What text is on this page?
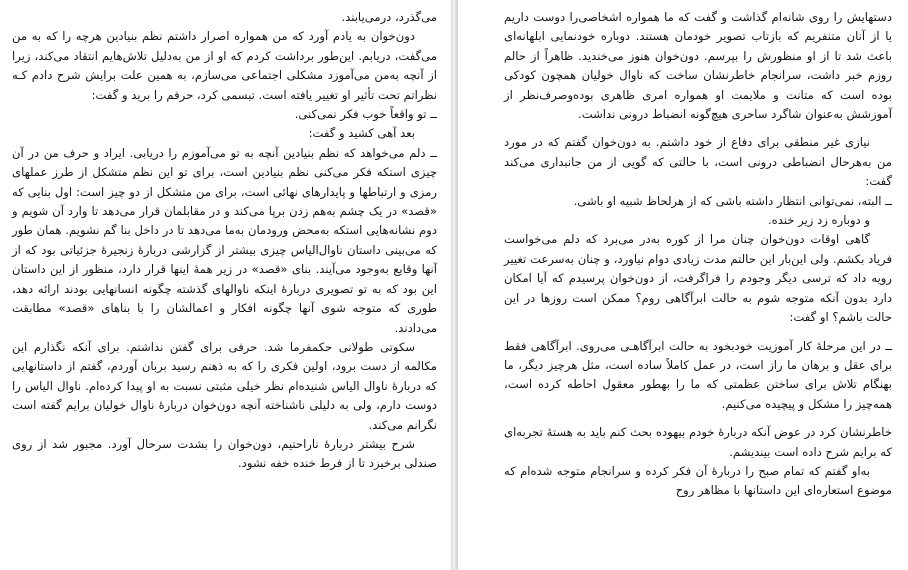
می‌گذرد، درمی‌یابند.

دون‌خوان به یادم آورد که من همواره اصرار داشتم نظم بنیادین هرچه را که به من می‌گفت، دریابم. این‌طور برداشت کردم که او از من به‌دلیل تلاش‌هایم انتقاد می‌کند، زیرا از آنچه به‌من می‌آموزد مشکلی اجتماعی می‌سازم، به همین علت برایش شرح دادم کـه نظراتم تحت تأثیر او تغییر یافته است. تبسمی کرد، حرفم را برید و گفت:

ــ تو واقعاً خوب فکر نمی‌کنی.

بعد آهی کشید و گفت:

ــ دلم می‌خواهد که نظم بنیادین آنچه به تو می‌آموزم را دریابی. ایراد و حرف من در آن چیزی استکه فکر می‌کنی نظم بنیادین است، برای تو این نظم متشکل از طرز عملهای رمزی و ارتباطها و پایدارهای نهائی است، برای من متشکل از دو چیز است: اول بنایی که «قصد» در یک چشم به‌هم زدن برپا می‌کند و در مقابلمان قرار می‌دهد تا وارد آن شویم و دوم نشانه‌هایی استکه به‌محض ورودمان به‌ما می‌دهد تا در داخل بنا گم نشویم. همان طور که می‌بینی داستان ناوال‌الیاس چیزی بیشتر از گزارشی دربارهٔ زنجیرهٔ جزئیاتی بود که از آنها وقایع به‌وجود می‌آیند. بنای «قصد» در زیر همهٔ اینها قرار دارد، منظور از این داستان این بود که به تو تصویری دربارهٔ اینکه ناوالهای گذشته چگونه انسانهایی بودند ارائه دهد، طوری که متوجه شوی آنها چگونه افکار و اعمالشان را با بناهای «قصد» مطابقت می‌دادند.

سکوتی طولانی حکمفرما شد. حرفی برای گفتن نداشتم. برای آنکه نگذارم این مکالمه از دست برود، اولین فکری را که به ذهنم رسید بربان آوردم، گفتم از داستانهایی که دربارهٔ ناوال الیاس شنیده‌ام نظر خیلی مثبتی نسبت به او پیدا کرده‌ام. ناوال الیاس را دوست دارم، ولی به دلیلی ناشناخته آنچه دون‌خوان دربارهٔ ناوال خولیان برایم گفته است نگرانم می‌کند.

شرح بیشتر دربارهٔ ناراحتیم، دون‌خوان را بشدت سرحال آورد. مجبور شد از روی صندلی برخیزد تا از فرط خنده خفه نشود.

دستهایش را روی شانه‌ام گذاشت و گفت که ما همواره اشخاصی‌را دوست داریم یا از آنان متنفریم که بازتاب تصویر خودمان هستند. دوباره خودنمایی ابلهانه‌ای باعث شد تا از او منظورش را بپرسم. دون‌خوان هنوز می‌خندید. ظاهراً از حالم روزم خبر داشت، سرانجام خاطرنشان ساخت که ناوال خولیان همچون کودکی بوده است که متانت و ملایمت او همواره امری ظاهری بوده‌وصرف‌نظر از آموزشش به‌عنوان شاگرد ساحری هیچ‌گونه انضباط درونی نداشت.

نیازی غیر منطقی برای دفاع از خود داشتم. به دون‌خوان گفتم که در مورد من به‌هرحال انضباطی درونی است، با حالتی که گویی از من جانبداری می‌کند گفت:

ــ البته، نمی‌توانی انتظار داشته باشی که از هرلحاظ شبیه او باشی.

و دوباره زد زیر خنده.

گاهی اوقات دون‌خوان چنان مرا از کوره به‌در می‌برد که دلم می‌خواست فریاد بکشم. ولی این‌بار این حالتم مدت زیادی دوام نیاورد، و چنان به‌سرعت تغییر رویه داد که ترسی دیگر وجودم را فراگرفت، از دون‌خوان پرسیدم که آیا امکان دارد بدون آنکه متوجه شوم به حالت ابرآگاهی روم؟ ممکن است روزها در این حالت باشم؟ او گفت:

ــ در این مرحلهٔ کار آموزیت خودبخود به حالت ابرآگاهـی می‌روی. ابرآگاهی فقط برای عقل و برهان ما راز است، در عمل کاملاً ساده است، مثل هرچیز دیگر، ما بهنگام تلاش برای ساختن عظمتی که ما را بهطور معقول احاطه کرده است، همه‌چیز را مشکل و پیچیده می‌کنیم.

خاطرنشان کرد در عوض آنکه دربارهٔ خودم بیهوده بحث کنم باید به هستهٔ تجربه‌ای که برایم شرح داده است بیندیشم.

به‌او گفتم که تمام صبح را دربارهٔ آن فکر کرده و سرانجام متوجه شده‌ام که موضوع استعاره‌ای این داستانها با مظاهر روح
